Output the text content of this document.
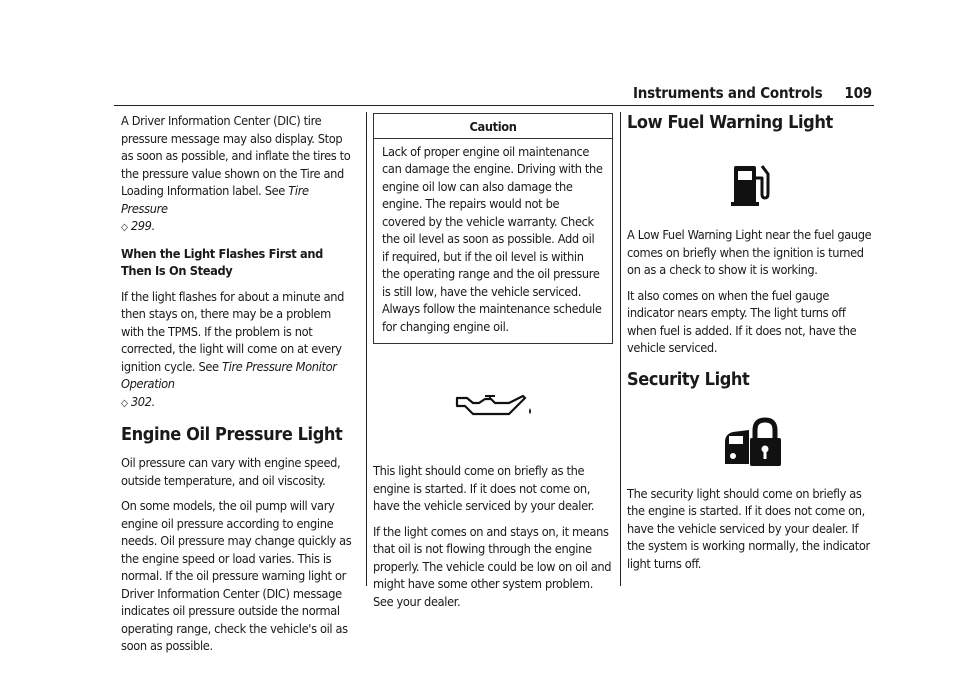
Instruments and Controls 109

A Driver Information Center (DIC) tire pressure message may also display. Stop as soon as possible, and inflate the tires to the pressure value shown on the Tire and Loading Information label. See Tire Pressure
◇ 299.

When the Light Flashes First and Then Is On Steady

If the light flashes for about a minute and then stays on, there may be a problem with the TPMS. If the problem is not corrected, the light will come on at every ignition cycle. See Tire Pressure Monitor Operation
◇ 302.

Engine Oil Pressure Light

Oil pressure can vary with engine speed, outside temperature, and oil viscosity.

On some models, the oil pump will vary engine oil pressure according to engine needs. Oil pressure may change quickly as the engine speed or load varies. This is normal. If the oil pressure warning light or Driver Information Center (DIC) message indicates oil pressure outside the normal operating range, check the vehicle's oil as soon as possible.

Caution
Lack of proper engine oil maintenance can damage the engine. Driving with the engine oil low can also damage the engine. The repairs would not be covered by the vehicle warranty. Check the oil level as soon as possible. Add oil if required, but if the oil level is within the operating range and the oil pressure is still low, have the vehicle serviced. Always follow the maintenance schedule for changing engine oil.

This light should come on briefly as the engine is started. If it does not come on, have the vehicle serviced by your dealer.

If the light comes on and stays on, it means that oil is not flowing through the engine properly. The vehicle could be low on oil and might have some other system problem. See your dealer.

Low Fuel Warning Light

A Low Fuel Warning Light near the fuel gauge comes on briefly when the ignition is turned on as a check to show it is working.

It also comes on when the fuel gauge indicator nears empty. The light turns off when fuel is added. If it does not, have the vehicle serviced.

Security Light

The security light should come on briefly as the engine is started. If it does not come on, have the vehicle serviced by your dealer. If the system is working normally, the indicator light turns off.
